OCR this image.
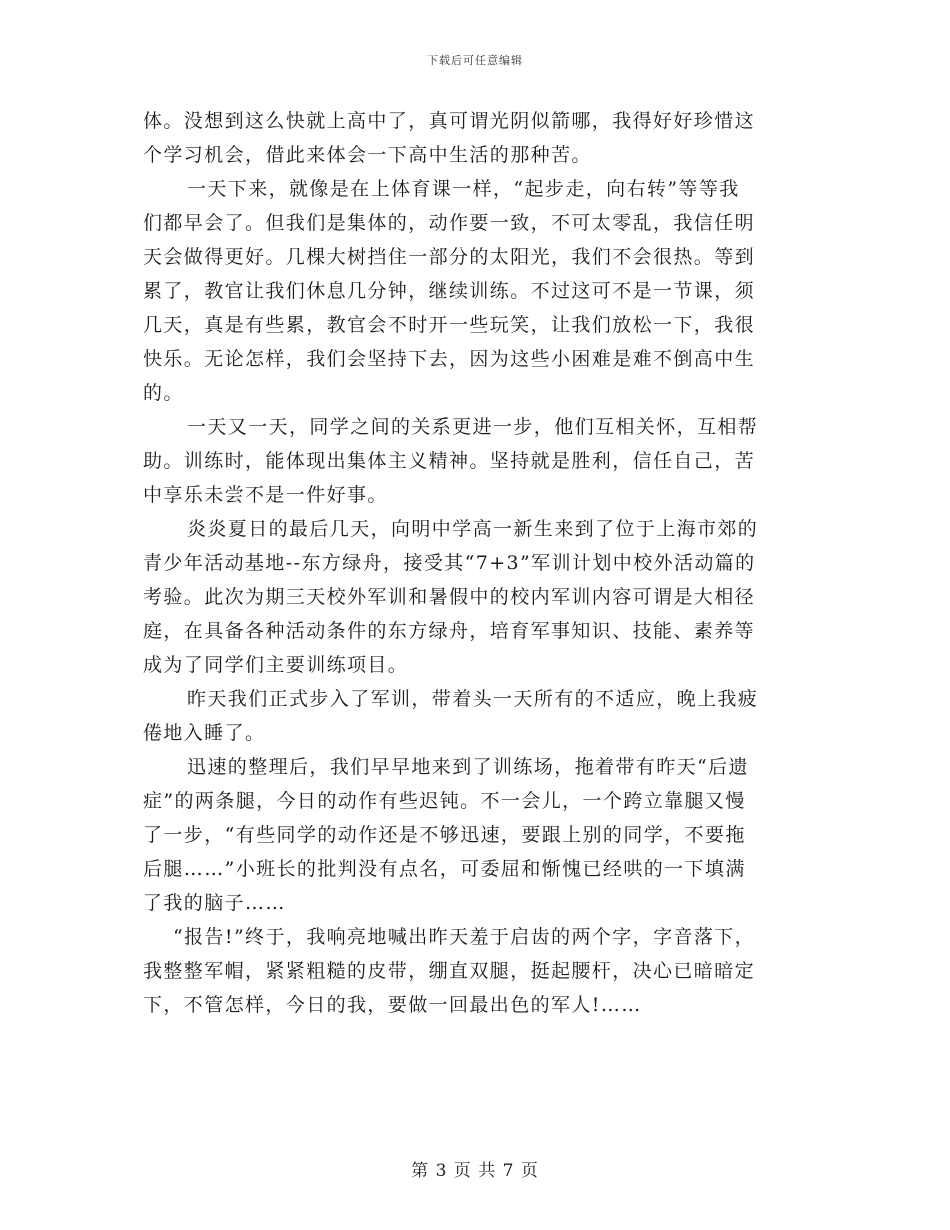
下载后可任意编辑

体。没想到这么快就上高中了，真可谓光阴似箭哪，我得好好珍惜这
个学习机会，借此来体会一下高中生活的那种苦。

一天下来，就像是在上体育课一样，“起步走，向右转”等等我
们都早会了。但我们是集体的，动作要一致，不可太零乱，我信任明
天会做得更好。几棵大树挡住一部分的太阳光，我们不会很热。等到
累了，教官让我们休息几分钟，继续训练。不过这可不是一节课，须
几天，真是有些累，教官会不时开一些玩笑，让我们放松一下，我很
快乐。无论怎样，我们会坚持下去，因为这些小困难是难不倒高中生
的。

一天又一天，同学之间的关系更进一步，他们互相关怀，互相帮
助。训练时，能体现出集体主义精神。坚持就是胜利，信任自己，苦
中享乐未尝不是一件好事。

炎炎夏日的最后几天，向明中学高一新生来到了位于上海市郊的
青少年活动基地--东方绿舟，接受其“7+3”军训计划中校外活动篇的
考验。此次为期三天校外军训和暑假中的校内军训内容可谓是大相径
庭，在具备各种活动条件的东方绿舟，培育军事知识、技能、素养等
成为了同学们主要训练项目。

昨天我们正式步入了军训，带着头一天所有的不适应，晚上我疲
倦地入睡了。

迅速的整理后，我们早早地来到了训练场，拖着带有昨天“后遗
症”的两条腿，今日的动作有些迟钝。不一会儿，一个跨立靠腿又慢
了一步，“有些同学的动作还是不够迅速，要跟上别的同学，不要拖
后腿……”小班长的批判没有点名，可委屈和惭愧已经哄的一下填满
了我的脑子……

“报告!”终于，我响亮地喊出昨天羞于启齿的两个字，字音落下，
我整整军帽，紧紧粗糙的皮带，绷直双腿，挺起腰杆，决心已暗暗定
下，不管怎样，今日的我，要做一回最出色的军人!……

第 3 页 共 7 页
